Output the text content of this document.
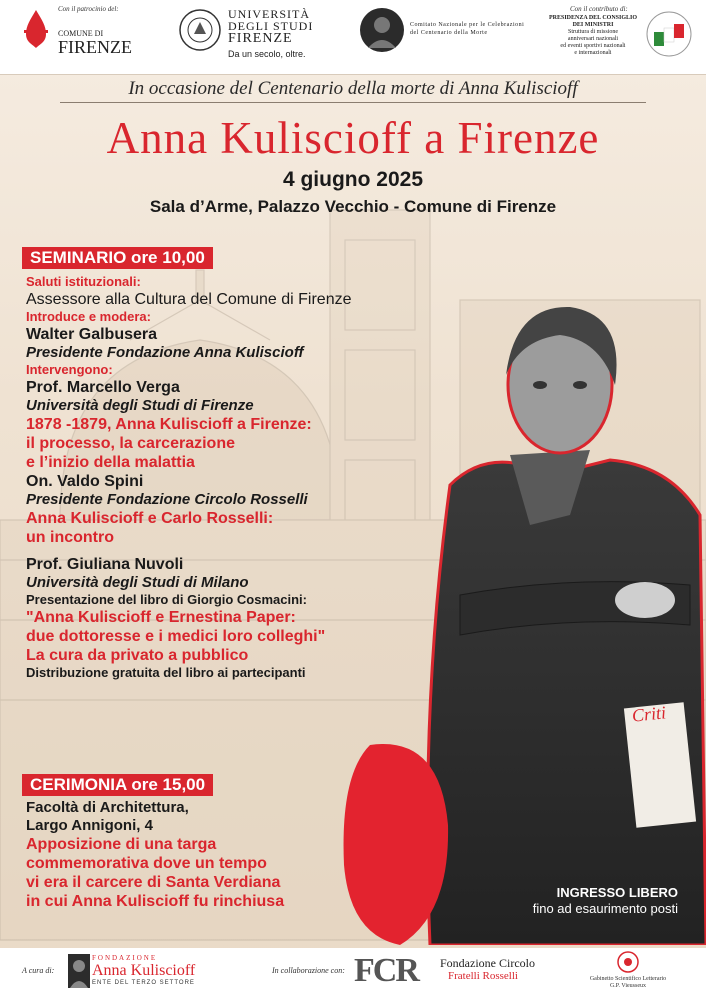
Con il patrocinio del:
COMUNE DI
FIRENZE
UNIVERSITÀ
DEGLI STUDI
FIRENZE
Da un secolo, oltre.
Comitato Nazionale per le Celebrazioni
del Centenario della Morte
Con il contributo di:
PRESIDENZA DEL CONSIGLIO
DEI MINISTRI
Struttura di missione
anniversari nazionali
ed eventi sportivi nazionali
e internazionali
In occasione del Centenario della morte di Anna Kuliscioff
Anna Kuliscioff a Firenze
4 giugno 2025
Sala d’Arme, Palazzo Vecchio - Comune di Firenze
Criti
SEMINARIO ore 10,00

Saluti istituzionali:

Assessore alla Cultura del Comune di Firenze

Introduce e modera:

Walter Galbusera

Presidente Fondazione Anna Kuliscioff

Intervengono:

Prof. Marcello Verga

Università degli Studi di Firenze

1878 -1879, Anna Kuliscioff a Firenze:

il processo, la carcerazione

e l’inizio della malattia

On. Valdo Spini

Presidente Fondazione Circolo Rosselli

Anna Kuliscioff e Carlo Rosselli:

un incontro

Prof. Giuliana Nuvoli

Università degli Studi di Milano

Presentazione del libro di Giorgio Cosmacini:

"Anna Kuliscioff e Ernestina Paper:

due dottoresse e i medici loro colleghi"

La cura da privato a pubblico

Distribuzione gratuita del libro ai partecipanti

CERIMONIA ore 15,00

Facoltà di Architettura,

Largo Annigoni, 4

Apposizione di una targa

commemorativa dove un tempo

vi era il carcere di Santa Verdiana

in cui Anna Kuliscioff fu rinchiusa

INGRESSO LIBERO
fino ad esaurimento posti
A cura di:
FONDAZIONE
Anna Kuliscioff
ENTE DEL TERZO SETTORE
In collaborazione con: FCR Fondazione Circolo
Fratelli Rosselli	Gabinetto Scientifico Letterario
G.P. Vieusseux
